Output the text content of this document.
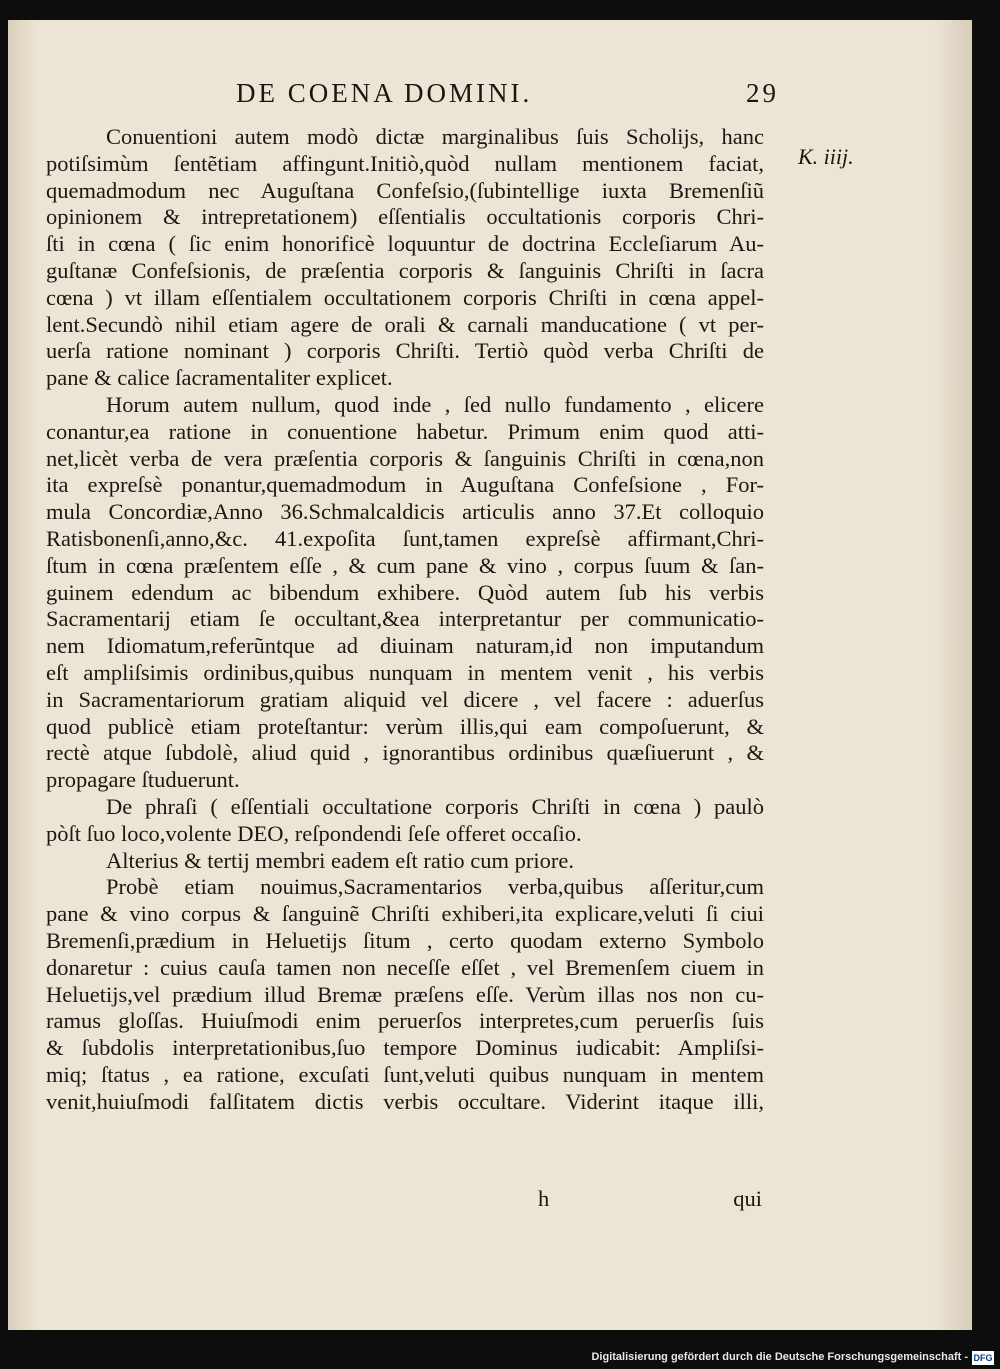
DE COENA DOMINI.	29
K. iiij.
Conuentioni autem modò dictæ marginalibus ſuis Scholijs, hanc
potiſsimùm ſentẽtiam affingunt.Initiò,quòd nullam mentionem faciat,
quemadmodum nec Auguſtana Confeſsio,(ſubintellige iuxta Bremenſiũ
opinionem & intrepretationem) eſſentialis occultationis corporis Chri-
ſti in cœna ( ſic enim honorificè loquuntur de doctrina Eccleſiarum Au-
guſtanæ Confeſsionis, de præſentia corporis & ſanguinis Chriſti in ſacra
cœna ) vt illam eſſentialem occultationem corporis Chriſti in cœna appel-
lent.Secundò nihil etiam agere de orali & carnali manducatione ( vt per-
uerſa ratione nominant ) corporis Chriſti. Tertiò quòd verba Chriſti de
pane & calice ſacramentaliter explicet.
Horum autem nullum, quod inde , ſed nullo fundamento , elicere
conantur,ea ratione in conuentione habetur. Primum enim quod atti-
net,licèt verba de vera præſentia corporis & ſanguinis Chriſti in cœna,non
ita expreſsè ponantur,quemadmodum in Auguſtana Confeſsione , For-
mula Concordiæ,Anno 36.Schmalcaldicis articulis anno 37.Et colloquio
Ratisbonenſi,anno,&c. 41.expoſita ſunt,tamen expreſsè affirmant,Chri-
ſtum in cœna præſentem eſſe , & cum pane & vino , corpus ſuum & ſan-
guinem edendum ac bibendum exhibere. Quòd autem ſub his verbis
Sacramentarij etiam ſe occultant,&ea interpretantur per communicatio-
nem Idiomatum,referũntque ad diuinam naturam,id non imputandum
eſt ampliſsimis ordinibus,quibus nunquam in mentem venit , his verbis
in Sacramentariorum gratiam aliquid vel dicere , vel facere : aduerſus
quod publicè etiam proteſtantur: verùm illis,qui eam compoſuerunt, &
rectè atque ſubdolè, aliud quid , ignorantibus ordinibus quæſiuerunt , &
propagare ſtuduerunt.
De phraſi ( eſſentiali occultatione corporis Chriſti in cœna ) paulò
pòſt ſuo loco,volente DEO, reſpondendi ſeſe offeret occaſio.
Alterius & tertij membri eadem eſt ratio cum priore.
Probè etiam nouimus,Sacramentarios verba,quibus aſſeritur,cum
pane & vino corpus & ſanguinẽ Chriſti exhiberi,ita explicare,veluti ſi ciui
Bremenſi,prædium in Heluetijs ſitum , certo quodam externo Symbolo
donaretur : cuius cauſa tamen non neceſſe eſſet , vel Bremenſem ciuem in
Heluetijs,vel prædium illud Bremæ præſens eſſe. Verùm illas nos non cu-
ramus gloſſas. Huiuſmodi enim peruerſos interpretes,cum peruerſis ſuis
& ſubdolis interpretationibus,ſuo tempore Dominus iudicabit: Ampliſsi-
miq; ſtatus , ea ratione, excuſati ſunt,veluti quibus nunquam in mentem
venit,huiuſmodi falſitatem dictis verbis occultare. Viderint itaque illi,
h	qui
Digitalisierung gefördert durch die Deutsche Forschungsgemeinschaft - DFG
